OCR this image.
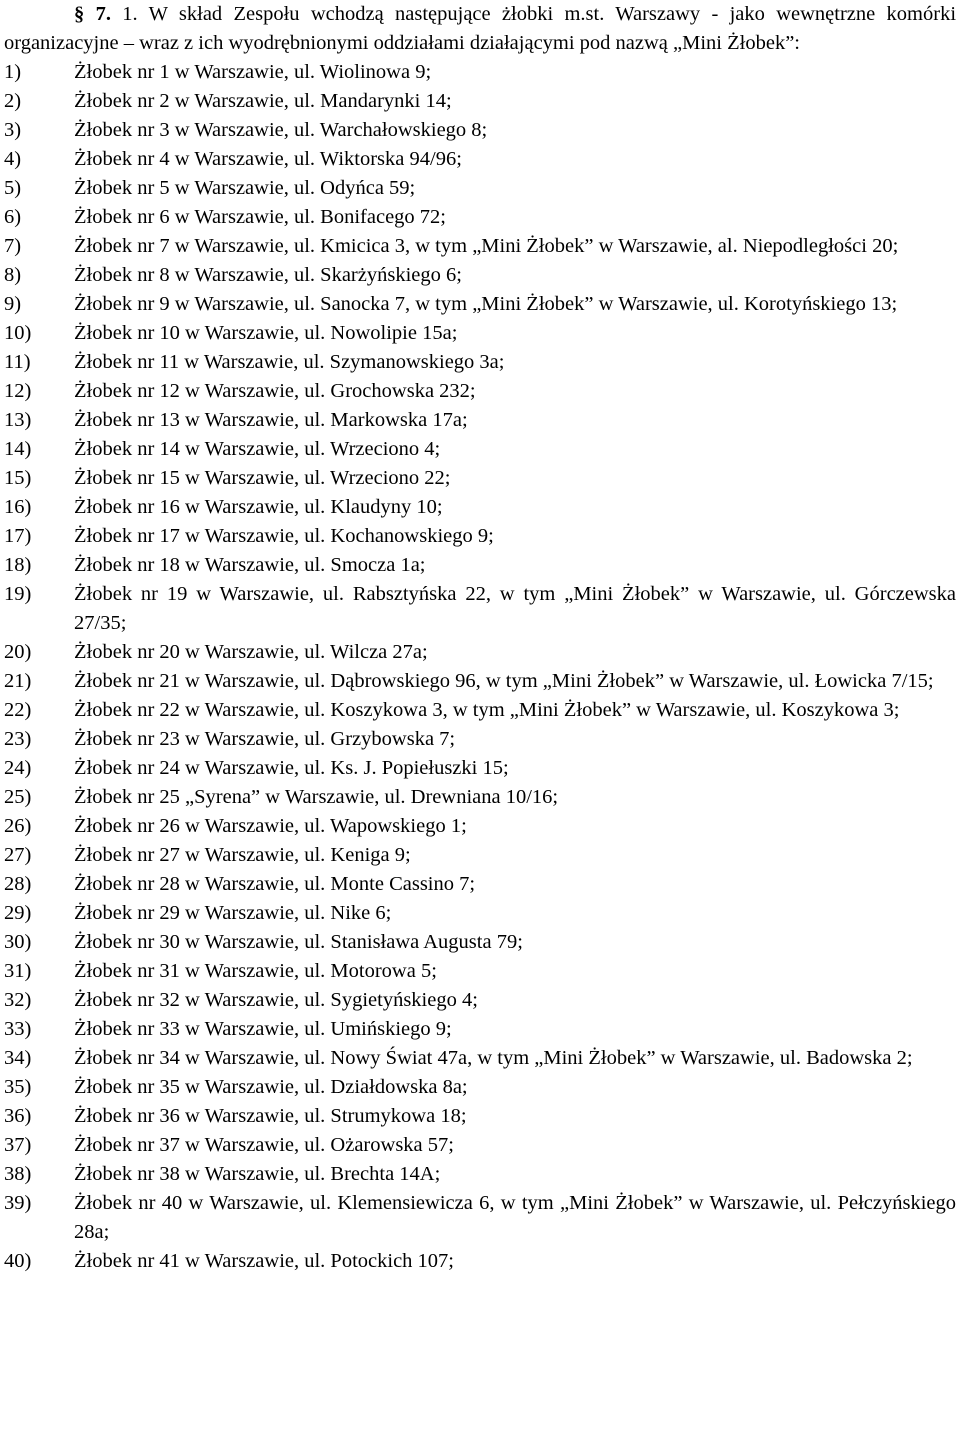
§ 7. 1. W skład Zespołu wchodzą następujące żłobki m.st. Warszawy - jako wewnętrzne komórki organizacyjne – wraz z ich wyodrębnionymi oddziałami działającymi pod nazwą „Mini Żłobek”:

1)	Żłobek nr 1 w Warszawie, ul. Wiolinowa 9;
2)	Żłobek nr 2 w Warszawie, ul. Mandarynki 14;
3)	Żłobek nr 3 w Warszawie, ul. Warchałowskiego 8;
4)	Żłobek nr 4 w Warszawie, ul. Wiktorska 94/96;
5)	Żłobek nr 5 w Warszawie, ul. Odyńca 59;
6)	Żłobek nr 6 w Warszawie, ul. Bonifacego 72;
7)	Żłobek nr 7 w Warszawie, ul. Kmicica 3, w tym „Mini Żłobek” w Warszawie, al. Niepodległości 20;
8)	Żłobek nr 8 w Warszawie, ul. Skarżyńskiego 6;
9)	Żłobek nr 9 w Warszawie, ul. Sanocka 7, w tym „Mini Żłobek” w Warszawie, ul. Korotyńskiego 13;
10) Żłobek nr 10 w Warszawie, ul. Nowolipie 15a;
11) Żłobek nr 11 w Warszawie, ul. Szymanowskiego 3a;
12) Żłobek nr 12 w Warszawie, ul. Grochowska 232;
13) Żłobek nr 13 w Warszawie, ul. Markowska 17a;
14) Żłobek nr 14 w Warszawie, ul. Wrzeciono 4;
15) Żłobek nr 15 w Warszawie, ul. Wrzeciono 22;
16) Żłobek nr 16 w Warszawie, ul. Klaudyny 10;
17) Żłobek nr 17 w Warszawie, ul. Kochanowskiego 9;
18) Żłobek nr 18 w Warszawie, ul. Smocza 1a;
19) Żłobek nr 19 w Warszawie, ul. Rabsztyńska 22, w tym „Mini Żłobek” w Warszawie, ul. Górczewska 27/35;
20) Żłobek nr 20 w Warszawie, ul. Wilcza 27a;
21) Żłobek nr 21 w Warszawie, ul. Dąbrowskiego 96, w tym „Mini Żłobek” w Warszawie, ul. Łowicka 7/15;
22) Żłobek nr 22 w Warszawie, ul. Koszykowa 3, w tym „Mini Żłobek” w Warszawie, ul. Koszykowa 3;
23) Żłobek nr 23 w Warszawie, ul. Grzybowska 7;
24) Żłobek nr 24 w Warszawie, ul. Ks. J. Popiełuszki 15;
25) Żłobek nr 25 „Syrena” w Warszawie, ul. Drewniana 10/16;
26) Żłobek nr 26 w Warszawie, ul. Wapowskiego 1;
27) Żłobek nr 27 w Warszawie, ul. Keniga 9;
28) Żłobek nr 28 w Warszawie, ul. Monte Cassino 7;
29) Żłobek nr 29 w Warszawie, ul. Nike 6;
30) Żłobek nr 30 w Warszawie, ul. Stanisława Augusta 79;
31) Żłobek nr 31 w Warszawie, ul. Motorowa 5;
32) Żłobek nr 32 w Warszawie, ul. Sygietyńskiego 4;
33) Żłobek nr 33 w Warszawie, ul. Umińskiego 9;
34) Żłobek nr 34 w Warszawie, ul. Nowy Świat 47a, w tym „Mini Żłobek” w Warszawie, ul. Badowska 2;
35) Żłobek nr 35 w Warszawie, ul. Działdowska 8a;
36) Żłobek nr 36 w Warszawie, ul. Strumykowa 18;
37) Żłobek nr 37 w Warszawie, ul. Ożarowska 57;
38) Żłobek nr 38 w Warszawie, ul. Brechta 14A;
39) Żłobek nr 40 w Warszawie, ul. Klemensiewicza 6, w tym „Mini Żłobek” w Warszawie, ul. Pełczyńskiego 28a;
40) Żłobek nr 41 w Warszawie, ul. Potockich 107;
